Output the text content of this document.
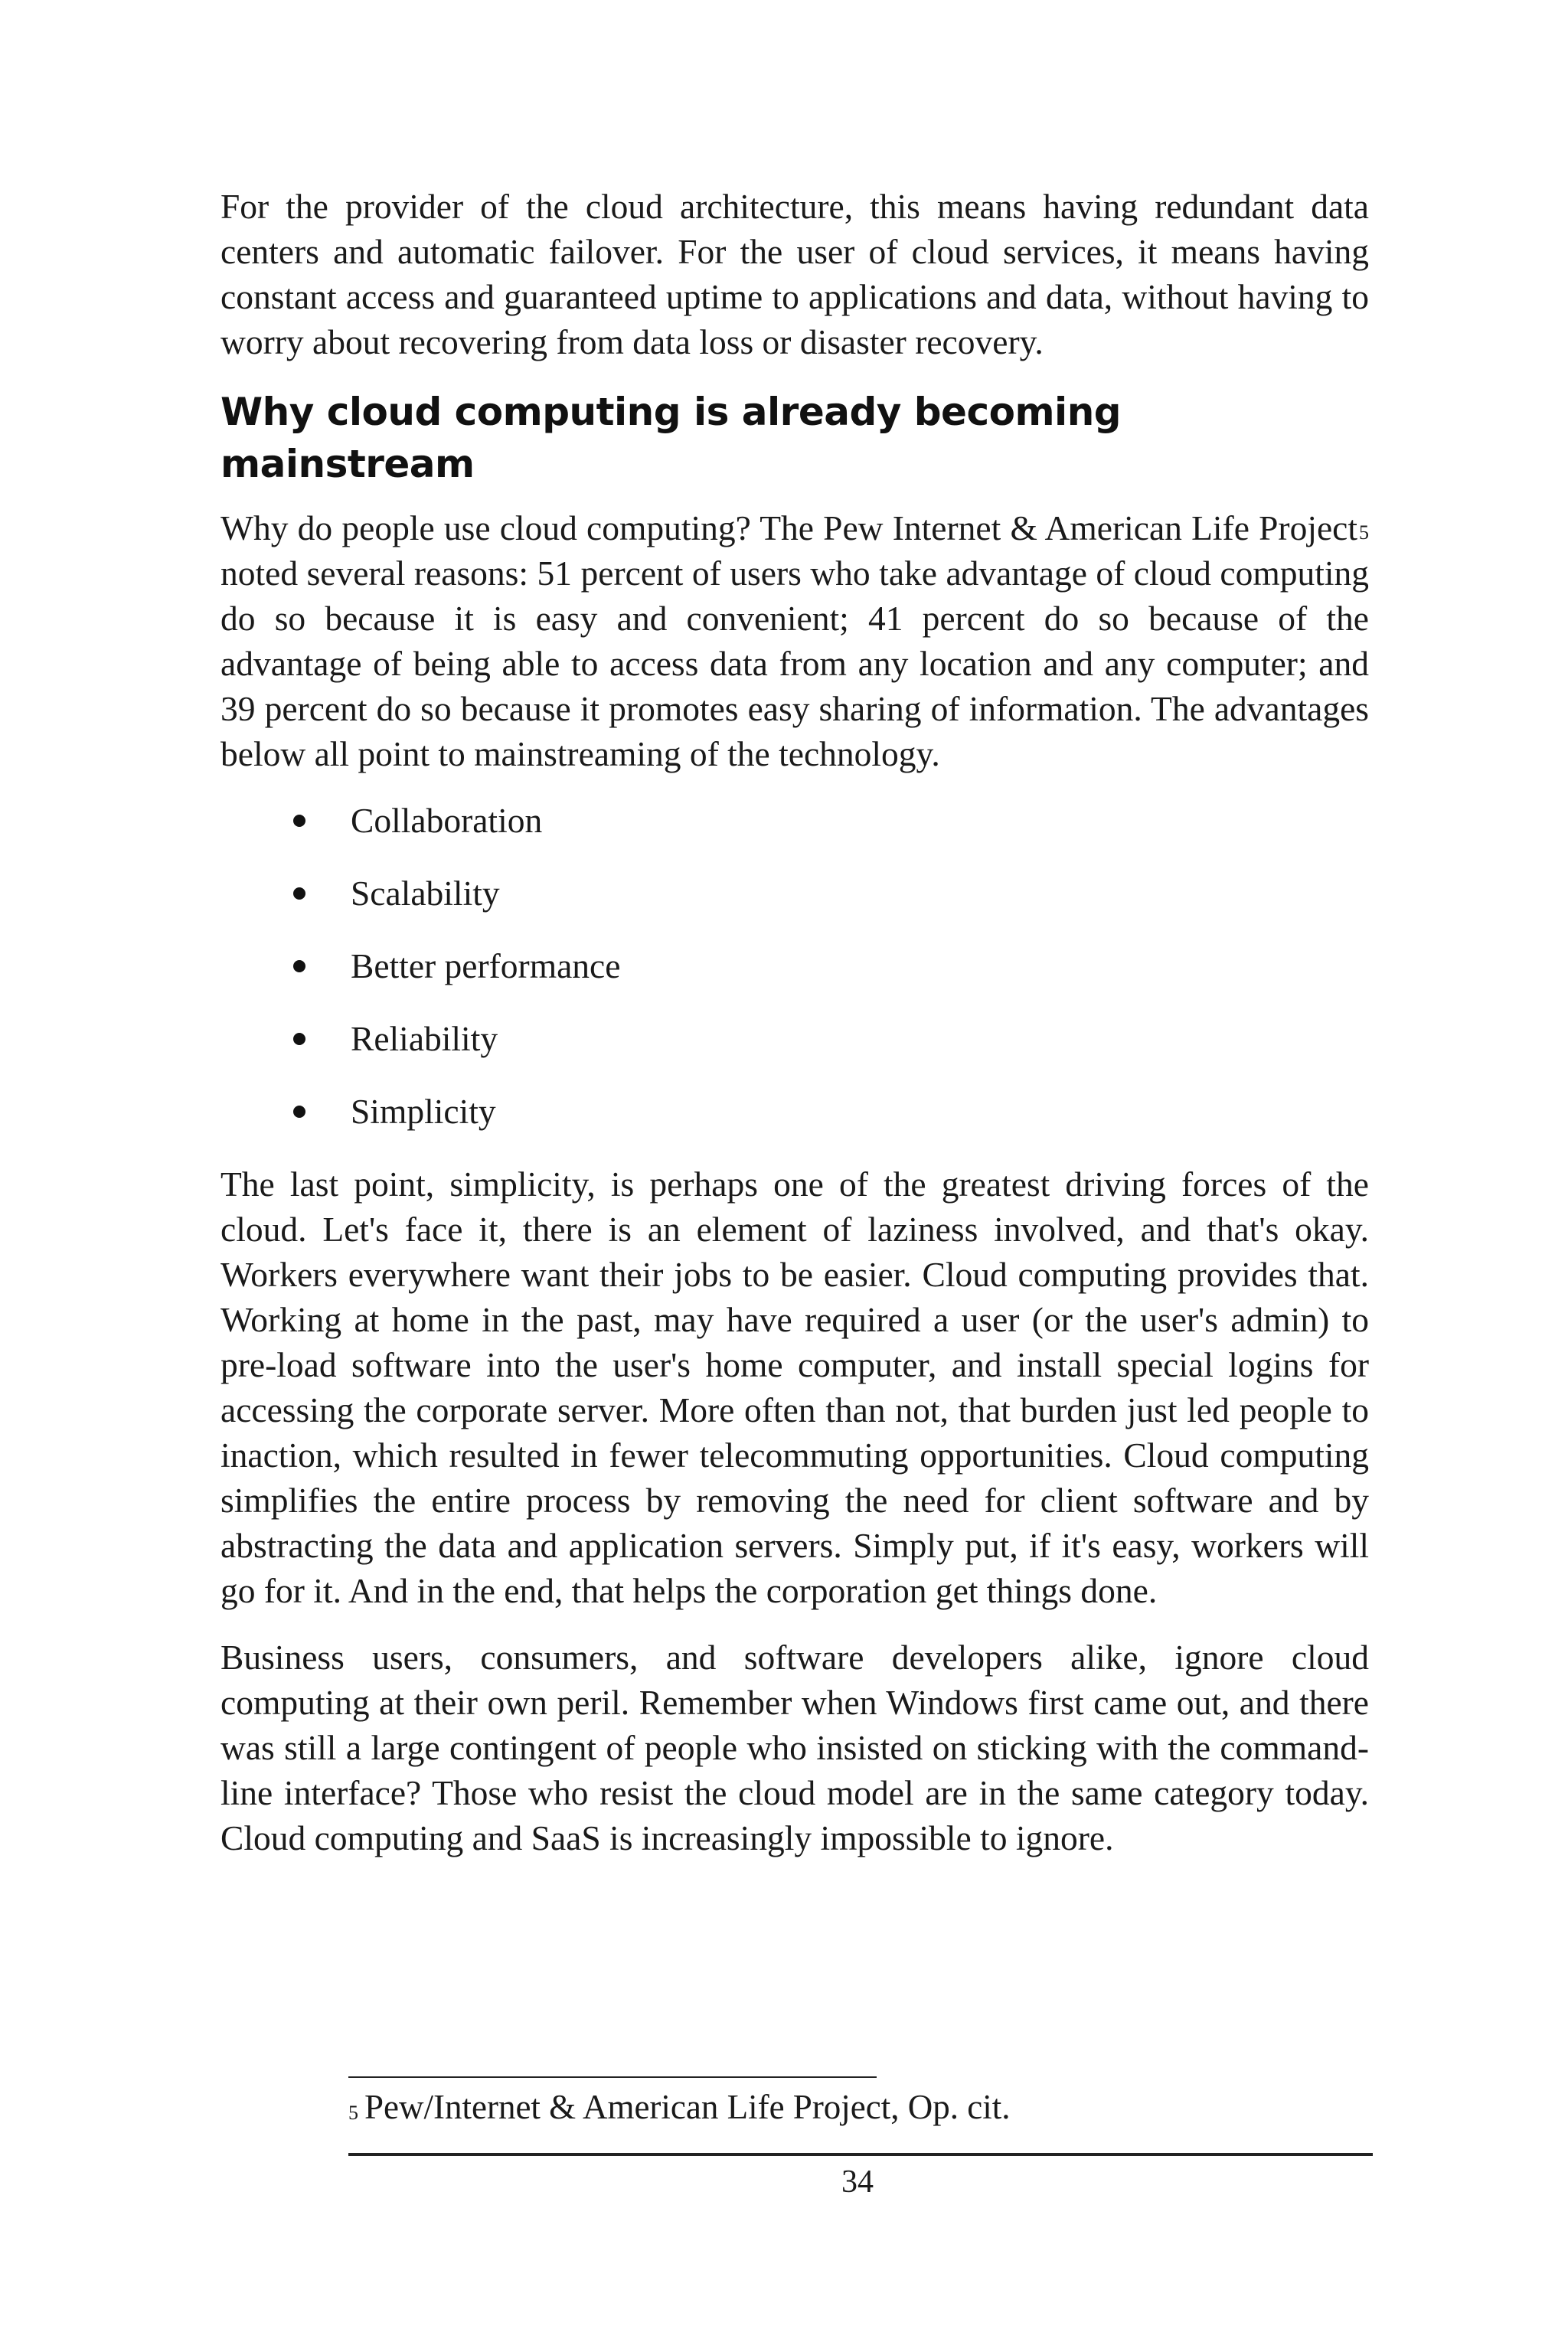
For the provider of the cloud architecture, this means having redundant data centers and automatic failover. For the user of cloud services, it means having constant access and guaranteed uptime to applications and data, without having to worry about recovering from data loss or disaster recovery.

Why cloud computing is already becoming mainstream

Why do people use cloud computing? The Pew Internet & American Life Project$^5$ noted several reasons: 51 percent of users who take advantage of cloud computing do so because it is easy and convenient; 41 percent do so because of the advantage of being able to access data from any location and any computer; and 39 percent do so because it promotes easy sharing of information. The advantages below all point to mainstreaming of the technology.

Collaboration
Scalability
Better performance
Reliability
Simplicity

The last point, simplicity, is perhaps one of the greatest driving forces of the cloud. Let's face it, there is an element of laziness involved, and that's okay. Workers everywhere want their jobs to be easier. Cloud computing provides that. Working at home in the past, may have required a user (or the user's admin) to pre-load software into the user's home computer, and install special logins for accessing the corporate server. More often than not, that burden just led people to inaction, which resulted in fewer telecommuting opportunities. Cloud computing simplifies the entire process by removing the need for client software and by abstracting the data and application servers. Simply put, if it's easy, workers will go for it. And in the end, that helps the corporation get things done.

Business users, consumers, and software developers alike, ignore cloud computing at their own peril. Remember when Windows first came out, and there was still a large contingent of people who insisted on sticking with the command-line interface? Those who resist the cloud model are in the same category today. Cloud computing and SaaS is increasingly impossible to ignore.

$^5$ Pew/Internet & American Life Project, Op. cit.
34
